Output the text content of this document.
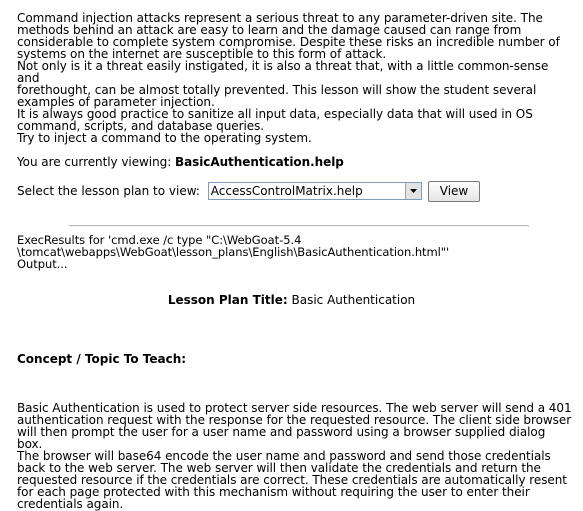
Command injection attacks represent a serious threat to any parameter-driven site. The

methods behind an attack are easy to learn and the damage caused can range from

considerable to complete system compromise. Despite these risks an incredible number of

systems on the internet are susceptible to this form of attack.

Not only is it a threat easily instigated, it is also a threat that, with a little common-sense and

forethought, can be almost totally prevented. This lesson will show the student several

examples of parameter injection.

It is always good practice to sanitize all input data, especially data that will used in OS

command, scripts, and database queries.

Try to inject a command to the operating system.

You are currently viewing: BasicAuthentication.help
Select the lesson plan to view: AccessControlMatrix.help	View
ExecResults for 'cmd.exe /c type "C:\WebGoat-5.4
\tomcat\webapps\WebGoat\lesson_plans\English\BasicAuthentication.html"'
Output...
Lesson Plan Title: Basic Authentication
Concept / Topic To Teach:
Basic Authentication is used to protect server side resources. The web server will send a 401
authentication request with the response for the requested resource. The client side browser
will then prompt the user for a user name and password using a browser supplied dialog box.
The browser will base64 encode the user name and password and send those credentials
back to the web server. The web server will then validate the credentials and return the
requested resource if the credentials are correct. These credentials are automatically resent
for each page protected with this mechanism without requiring the user to enter their
credentials again.
